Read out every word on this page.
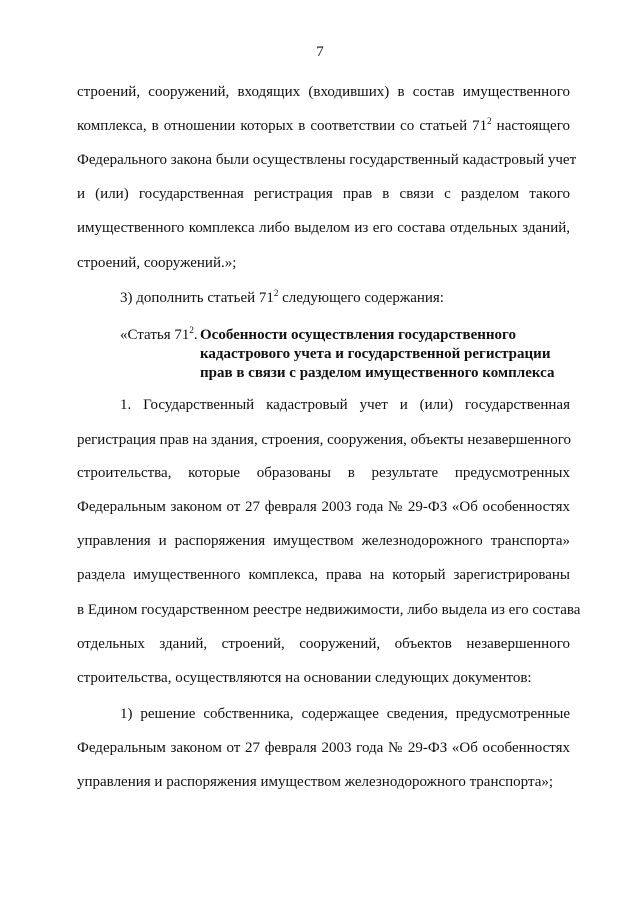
7
строений, сооружений, входящих (входивших) в состав имущественного
комплекса, в отношении которых в соответствии со статьей $71^2$ настоящего
Федерального закона были осуществлены государственный кадастровый учет
и (или) государственная регистрация прав в связи с разделом такого
имущественного комплекса либо выделом из его состава отдельных зданий,
строений, сооружений.»;
3) дополнить статьей $71^2$ следующего содержания:
«Статья $71^2$. Особенности осуществления государственного
кадастрового учета и государственной регистрации
прав в связи с разделом имущественного комплекса
1. Государственный кадастровый учет и (или) государственная
регистрация прав на здания, строения, сооружения, объекты незавершенного
строительства, которые образованы в результате предусмотренных
Федеральным законом от 27 февраля 2003 года № 29-ФЗ «Об особенностях
управления и распоряжения имуществом железнодорожного транспорта»
раздела имущественного комплекса, права на который зарегистрированы
в Едином государственном реестре недвижимости, либо выдела из его состава
отдельных зданий, строений, сооружений, объектов незавершенного
строительства, осуществляются на основании следующих документов:
1) решение собственника, содержащее сведения, предусмотренные
Федеральным законом от 27 февраля 2003 года № 29-ФЗ «Об особенностях
управления и распоряжения имуществом железнодорожного транспорта»;
